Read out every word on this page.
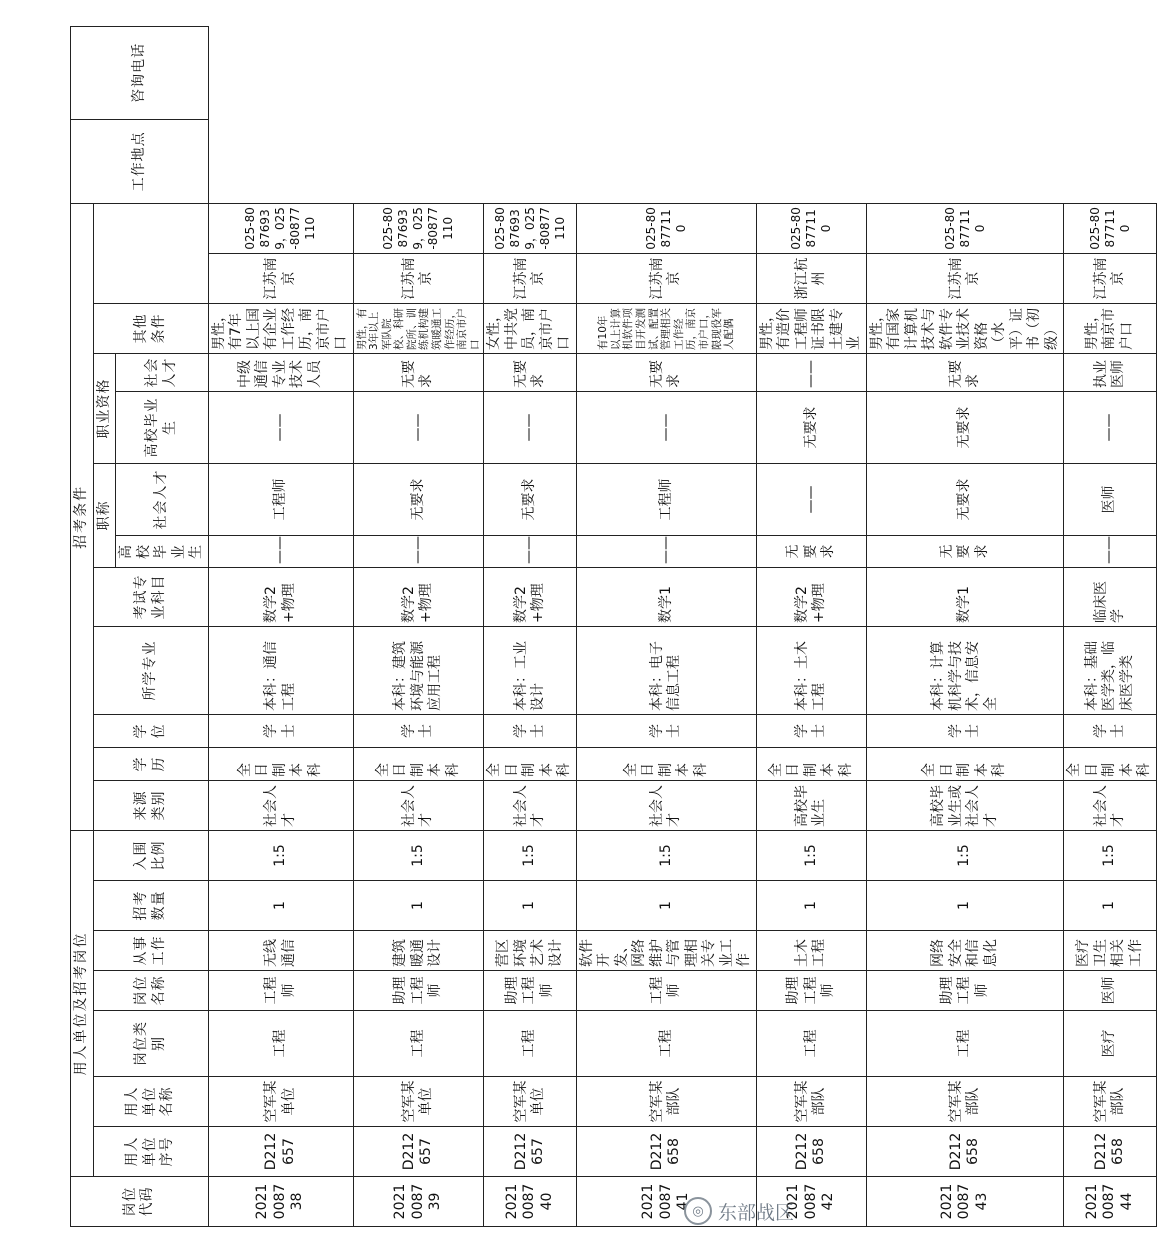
岗位代码	用人单位及招考岗位							招考条件												工作地点	咨询电话
	用人单位序号	用人单位名称	岗位类别	岗位名称	从事工作	招考数量	入围比例	来源类别	学历	学位	所学专业	考试专业科目	职称		职业资格		其他条件				
													高校毕业生	社会人才	高校毕业生	社会人才					
2021008738	D212657	空军某单位	工程	工程师	无线通信	1	1:5	社会人才	全日制本科	学士	本科：通信工程	数学2+物理	——	工程师	——	中级通信专业技术人员	男性，有7年以上国有企业工作经历，南京市户口	江苏南京	025-80876939，025-80877110		
2021008739	D212657	空军某单位	工程	助理工程师	建筑暖通设计	1	1:5	社会人才	全日制本科	学士	本科：建筑环境与能源应用工程	数学2+物理	——	无要求	——	无要求	男性，有3年以上军队院校、科研院所、训练机构建筑暖通工作经历，南京市户口	江苏南京	025-80876939，025-80877110		
2021008740	D212657	空军某单位	工程	助理工程师	营区环境艺术设计	1	1:5	社会人才	全日制本科	学士	本科：工业设计	数学2+物理	——	无要求	——	无要求	女性，中共党员，南京市户口	江苏南京	025-80876939，025-80877110		
2021008741	D212658	空军某部队	工程	工程师	软件开发、网络维护与管理相关专业工作	1	1:5	社会人才	全日制本科	学士	本科：电子信息工程	数学1	——	工程师	——	无要求	有10年以上计算机软件项目开发测试、配置管理相关工作经历，南京市户口，限现役军人配偶	江苏南京	025-80877110		
2021008742	D212658	空军某部队	工程	助理工程师	土木工程	1	1:5	高校毕业生	全日制本科	学士	本科：土木工程	数学2+物理	无要求	——	无要求	——	男性，有造价工程师证书限土建专业	浙江杭州	025-80877110		
2021008743	D212658	空军某部队	工程	助理工程师	网络安全和信息化	1	1:5	高校毕业生或社会人才	全日制本科	学士	本科：计算机科学与技术，信息安全	数学1	无要求	无要求	无要求	无要求	男性，有国家计算机技术与软件专业技术资格（水平）证书（初级）	江苏南京	025-80877110		
2021008744	D212658	空军某部队	医疗	医师	医疗卫生相关工作	1	1:5	社会人才	全日制本科	学士	本科：基础医学类，临床医学类	临床医学	——	医师	——	执业医师	男性，南京市户口	江苏南京	025-80877110		
◎ 东部战区
